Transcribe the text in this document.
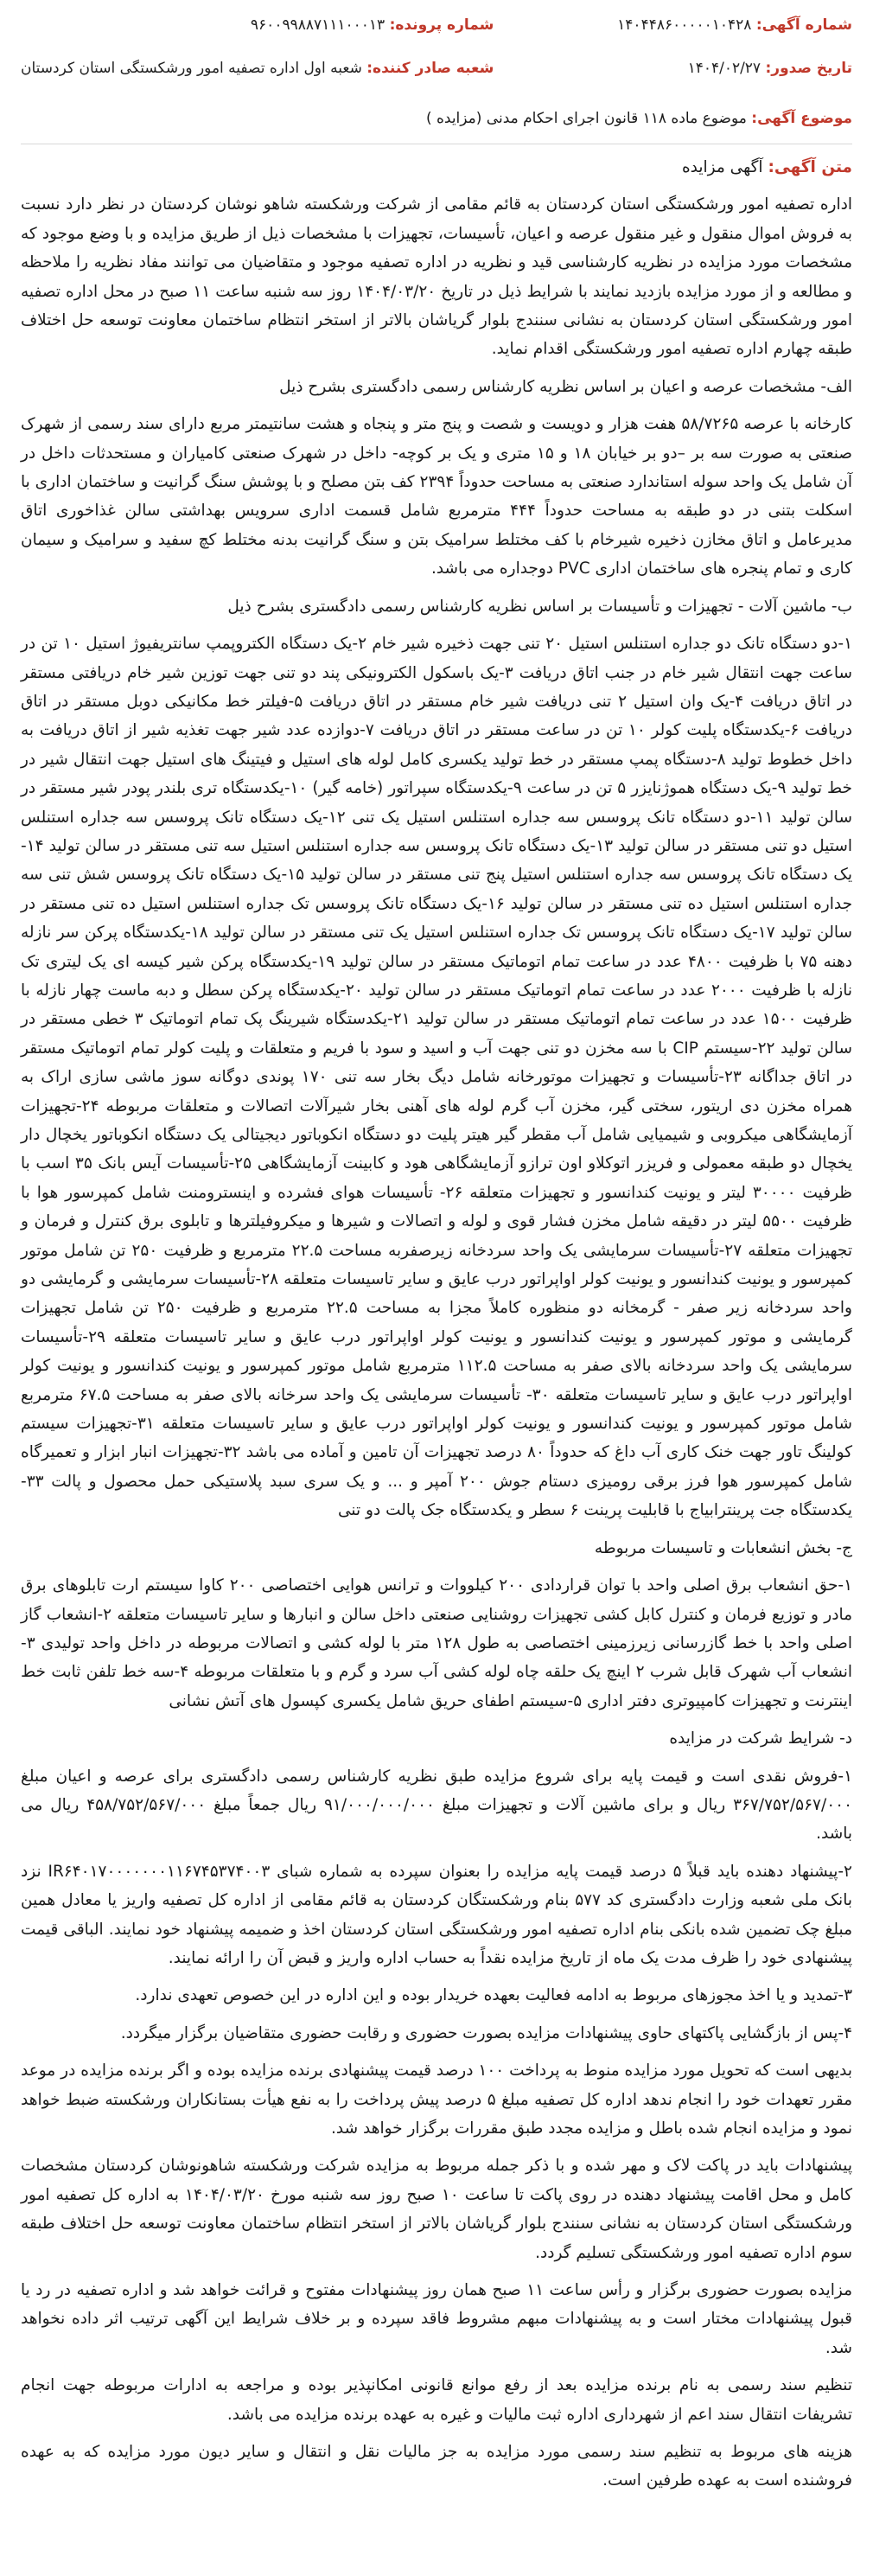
شماره آگهی: ۱۴۰۴۴۸۶۰۰۰۰۰۱۰۴۲۸
شماره پرونده: ۹۶۰۰۹۹۸۸۷۱۱۱۰۰۰۱۳
تاریخ صدور: ۱۴۰۴/۰۲/۲۷
شعبه صادر کننده: شعبه اول اداره تصفیه امور ورشکستگی استان کردستان
موضوع آگهی: موضوع ماده ۱۱۸ قانون اجرای احکام مدنی (مزایده )

متن آگهی: آگهی مزایده

اداره تصفیه امور ورشکستگی استان کردستان به قائم مقامی از شرکت ورشکسته شاهو نوشان کردستان در نظر دارد نسبت به فروش اموال منقول و غیر منقول عرصه و اعیان، تأسیسات، تجهیزات با مشخصات ذیل از طریق مزایده و با وضع موجود که مشخصات مورد مزایده در نظریه کارشناسی قید و نظریه در اداره تصفیه موجود و متقاضیان می توانند مفاد نظریه را ملاحظه و مطالعه و از مورد مزایده بازدید نمایند با شرایط ذیل در تاریخ ۱۴۰۴/۰۳/۲۰ روز سه شنبه ساعت ۱۱ صبح در محل اداره تصفیه امور ورشکستگی استان کردستان به نشانی سنندج بلوار گریاشان بالاتر از استخر انتظام ساختمان معاونت توسعه حل اختلاف طبقه چهارم اداره تصفیه امور ورشکستگی اقدام نماید.

الف- مشخصات عرصه و اعیان بر اساس نظریه کارشناس رسمی دادگستری بشرح ذیل

کارخانه با عرصه ۵۸/۷۲۶۵ هفت هزار و دویست و شصت و پنج متر و پنجاه و هشت سانتیمتر مربع دارای سند رسمی از شهرک صنعتی به صورت سه بر –دو بر خیابان ۱۸ و ۱۵ متری و یک بر کوچه- داخل در شهرک صنعتی کامیاران و مستحدثات داخل در آن شامل یک واحد سوله استاندارد صنعتی به مساحت حدوداً ۲۳۹۴ کف بتن مصلح و با پوشش سنگ گرانیت و ساختمان اداری با اسکلت بتنی در دو طبقه به مساحت حدوداً ۴۴۴ مترمربع شامل قسمت اداری سرویس بهداشتی سالن غذاخوری اتاق مدیرعامل و اتاق مخازن ذخیره شیرخام با کف مختلط سرامیک بتن و سنگ گرانیت بدنه مختلط کچ سفید و سرامیک و سیمان کاری و تمام پنجره های ساختمان اداری PVC دوجداره می باشد.

ب- ماشین آلات - تجهیزات و تأسیسات بر اساس نظریه کارشناس رسمی دادگستری بشرح ذیل

۱-دو دستگاه تانک دو جداره استنلس استیل ۲۰ تنی جهت ذخیره شیر خام ۲-یک دستگاه الکتروپمپ سانتریفیوژ استیل ۱۰ تن در ساعت جهت انتقال شیر خام در جنب اتاق دریافت ۳-یک باسکول الکترونیکی پند دو تنی جهت توزین شیر خام دریافتی مستقر در اتاق دریافت ۴-یک وان استیل ۲ تنی دریافت شیر خام مستقر در اتاق دریافت ۵-فیلتر خط مکانیکی دوبل مستقر در اتاق دریافت ۶-یکدستگاه پلیت کولر ۱۰ تن در ساعت مستقر در اتاق دریافت ۷-دوازده عدد شیر جهت تغذیه شیر از اتاق دریافت به داخل خطوط تولید ۸-دستگاه پمپ مستقر در خط تولید یکسری کامل لوله های استیل و فیتینگ های استیل جهت انتقال شیر در خط تولید ۹-یک دستگاه هموژنایزر ۵ تن در ساعت ۹-یکدستگاه سپراتور (خامه گیر) ۱۰-یکدستگاه تری بلندر پودر شیر مستقر در سالن تولید ۱۱-دو دستگاه تانک پروسس سه جداره استنلس استیل یک تنی ۱۲-یک دستگاه تانک پروسس سه جداره استنلس استیل دو تنی مستقر در سالن تولید ۱۳-یک دستگاه تانک پروسس سه جداره استنلس استیل سه تنی مستقر در سالن تولید ۱۴-یک دستگاه تانک پروسس سه جداره استنلس استیل پنج تنی مستقر در سالن تولید ۱۵-یک دستگاه تانک پروسس شش تنی سه جداره استنلس استیل ده تنی مستقر در سالن تولید ۱۶-یک دستگاه تانک پروسس تک جداره استنلس استیل ده تنی مستقر در سالن تولید ۱۷-یک دستگاه تانک پروسس تک جداره استنلس استیل یک تنی مستقر در سالن تولید ۱۸-یکدستگاه پرکن سر نازله دهنه ۷۵ با ظرفیت ۴۸۰۰ عدد در ساعت تمام اتوماتیک مستقر در سالن تولید ۱۹-یکدستگاه پرکن شیر کیسه ای یک لیتری تک نازله با ظرفیت ۲۰۰۰ عدد در ساعت تمام اتوماتیک مستقر در سالن تولید ۲۰-یکدستگاه پرکن سطل و دبه ماست چهار نازله با ظرفیت ۱۵۰۰ عدد در ساعت تمام اتوماتیک مستقر در سالن تولید ۲۱-یکدستگاه شیرینگ پک تمام اتوماتیک ۳ خطی مستقر در سالن تولید ۲۲-سیستم CIP با سه مخزن دو تنی جهت آب و اسید و سود با فریم و متعلقات و پلیت کولر تمام اتوماتیک مستقر در اتاق جداگانه ۲۳-تأسیسات و تجهیزات موتورخانه شامل دیگ بخار سه تنی ۱۷۰ پوندی دوگانه سوز ماشی سازی اراک به همراه مخزن دی اریتور، سختی گیر، مخزن آب گرم لوله های آهنی بخار شیرآلات اتصالات و متعلقات مربوطه ۲۴-تجهیزات آزمایشگاهی میکروبی و شیمیایی شامل آب مقطر گیر هیتر پلیت دو دستگاه انکوباتور دیجیتالی یک دستگاه انکوباتور یخچال دار یخچال دو طبقه معمولی و فریزر اتوکلاو اون ترازو آزمایشگاهی هود و کابینت آزمایشگاهی ۲۵-تأسیسات آیس بانک ۳۵ اسب با ظرفیت ۳۰۰۰۰ لیتر و یونیت کندانسور و تجهیزات متعلقه ۲۶- تأسیسات هوای فشرده و اینسترومنت شامل کمپرسور هوا با ظرفیت ۵۵۰۰ لیتر در دقیقه شامل مخزن فشار قوی و لوله و اتصالات و شیرها و میکروفیلترها و تابلوی برق کنترل و فرمان و تجهیزات متعلقه ۲۷-تأسیسات سرمایشی یک واحد سردخانه زیرصفربه مساحت ۲۲.۵ مترمربع و ظرفیت ۲۵۰ تن شامل موتور کمپرسور و یونیت کندانسور و یونیت کولر اواپراتور درب عایق و سایر تاسیسات متعلقه ۲۸-تأسیسات سرمایشی و گرمایشی دو واحد سردخانه زیر صفر - گرمخانه دو منظوره کاملاً مجزا به مساحت ۲۲.۵ مترمربع و ظرفیت ۲۵۰ تن شامل تجهیزات گرمایشی و موتور کمپرسور و یونیت کندانسور و یونیت کولر اواپراتور درب عایق و سایر تاسیسات متعلقه ۲۹-تأسیسات سرمایشی یک واحد سردخانه بالای صفر به مساحت ۱۱۲.۵ مترمربع شامل موتور کمپرسور و یونیت کندانسور و یونیت کولر اواپراتور درب عایق و سایر تاسیسات متعلقه ۳۰- تأسیسات سرمایشی یک واحد سرخانه بالای صفر به مساحت ۶۷.۵ مترمربع شامل موتور کمپرسور و یونیت کندانسور و یونیت کولر اواپراتور درب عایق و سایر تاسیسات متعلقه ۳۱-تجهیزات سیستم کولینگ تاور جهت خنک کاری آب داغ که حدوداً ۸۰ درصد تجهیزات آن تامین و آماده می باشد ۳۲-تجهیزات انبار ابزار و تعمیرگاه شامل کمپرسور هوا فرز برقی رومیزی دستام جوش ۲۰۰ آمپر و ... و یک سری سبد پلاستیکی حمل محصول و پالت ۳۳-یکدستگاه جت پرینترابیاج با قابلیت پرینت ۶ سطر و یکدستگاه جک پالت دو تنی

ج- بخش انشعابات و تاسیسات مربوطه

۱-حق انشعاب برق اصلی واحد با توان قراردادی ۲۰۰ کیلووات و ترانس هوایی اختصاصی ۲۰۰ کاوا سیستم ارت تابلوهای برق مادر و توزیع فرمان و کنترل کابل کشی تجهیزات روشنایی صنعتی داخل سالن و انبارها و سایر تاسیسات متعلقه ۲-انشعاب گاز اصلی واحد با خط گازرسانی زیرزمینی اختصاصی به طول ۱۲۸ متر با لوله کشی و اتصالات مربوطه در داخل واحد تولیدی ۳-انشعاب آب شهرک قابل شرب ۲ اینچ یک حلقه چاه لوله کشی آب سرد و گرم و با متعلقات مربوطه ۴-سه خط تلفن ثابت خط اینترنت و تجهیزات کامپیوتری دفتر اداری ۵-سیستم اطفای حریق شامل یکسری کپسول های آتش نشانی

د- شرایط شرکت در مزایده

۱-فروش نقدی است و قیمت پایه برای شروع مزایده طبق نظریه کارشناس رسمی دادگستری برای عرصه و اعیان مبلغ ۳۶۷/۷۵۲/۵۶۷/۰۰۰ ریال و برای ماشین آلات و تجهیزات مبلغ ۹۱/۰۰۰/۰۰۰/۰۰۰ ریال جمعاً مبلغ ۴۵۸/۷۵۲/۵۶۷/۰۰۰ ریال می باشد.

۲-پیشنهاد دهنده باید قبلاً ۵ درصد قیمت پایه مزایده را بعنوان سپرده به شماره شبای IR۶۴۰۱۷۰۰۰۰۰۰۰۱۱۶۷۴۵۳۷۴۰۰۳ نزد بانک ملی شعبه وزارت دادگستری کد ۵۷۷ بنام ورشکستگان کردستان به قائم مقامی از اداره کل تصفیه واریز یا معادل همین مبلغ چک تضمین شده بانکی بنام اداره تصفیه امور ورشکستگی استان کردستان اخذ و ضمیمه پیشنهاد خود نمایند. الباقی قیمت پیشنهادی خود را ظرف مدت یک ماه از تاریخ مزایده نقداً به حساب اداره واریز و قبض آن را ارائه نمایند.

۳-تمدید و یا اخذ مجوزهای مربوط به ادامه فعالیت بعهده خریدار بوده و این اداره در این خصوص تعهدی ندارد.

۴-پس از بازگشایی پاکتهای حاوی پیشنهادات مزایده بصورت حضوری و رقابت حضوری متقاضیان برگزار میگردد.

بدیهی است که تحویل مورد مزایده منوط به پرداخت ۱۰۰ درصد قیمت پیشنهادی برنده مزایده بوده و اگر برنده مزایده در موعد مقرر تعهدات خود را انجام ندهد اداره کل تصفیه مبلغ ۵ درصد پیش پرداخت را به نفع هیأت بستانکاران ورشکسته ضبط خواهد نمود و مزایده انجام شده باطل و مزایده مجدد طبق مقررات برگزار خواهد شد.

پیشنهادات باید در پاکت لاک و مهر شده و با ذکر جمله مربوط به مزایده شرکت ورشکسته شاهونوشان کردستان مشخصات کامل و محل اقامت پیشنهاد دهنده در روی پاکت تا ساعت ۱۰ صبح روز سه شنبه مورخ ۱۴۰۴/۰۳/۲۰ به اداره کل تصفیه امور ورشکستگی استان کردستان به نشانی سنندج بلوار گریاشان بالاتر از استخر انتظام ساختمان معاونت توسعه حل اختلاف طبقه سوم اداره تصفیه امور ورشکستگی تسلیم گردد.

مزایده بصورت حضوری برگزار و رأس ساعت ۱۱ صبح همان روز پیشنهادات مفتوح و قرائت خواهد شد و اداره تصفیه در رد یا قبول پیشنهادات مختار است و به پیشنهادات مبهم مشروط فاقد سپرده و بر خلاف شرایط این آگهی ترتیب اثر داده نخواهد شد.

تنظیم سند رسمی به نام برنده مزایده بعد از رفع موانع قانونی امکانپذیر بوده و مراجعه به ادارات مربوطه جهت انجام تشریفات انتقال سند اعم از شهرداری اداره ثبت مالیات و غیره به عهده برنده مزایده می باشد.

هزینه های مربوط به تنظیم سند رسمی مورد مزایده به جز مالیات نقل و انتقال و سایر دیون مورد مزایده که به عهده فروشنده است به عهده طرفین است.
